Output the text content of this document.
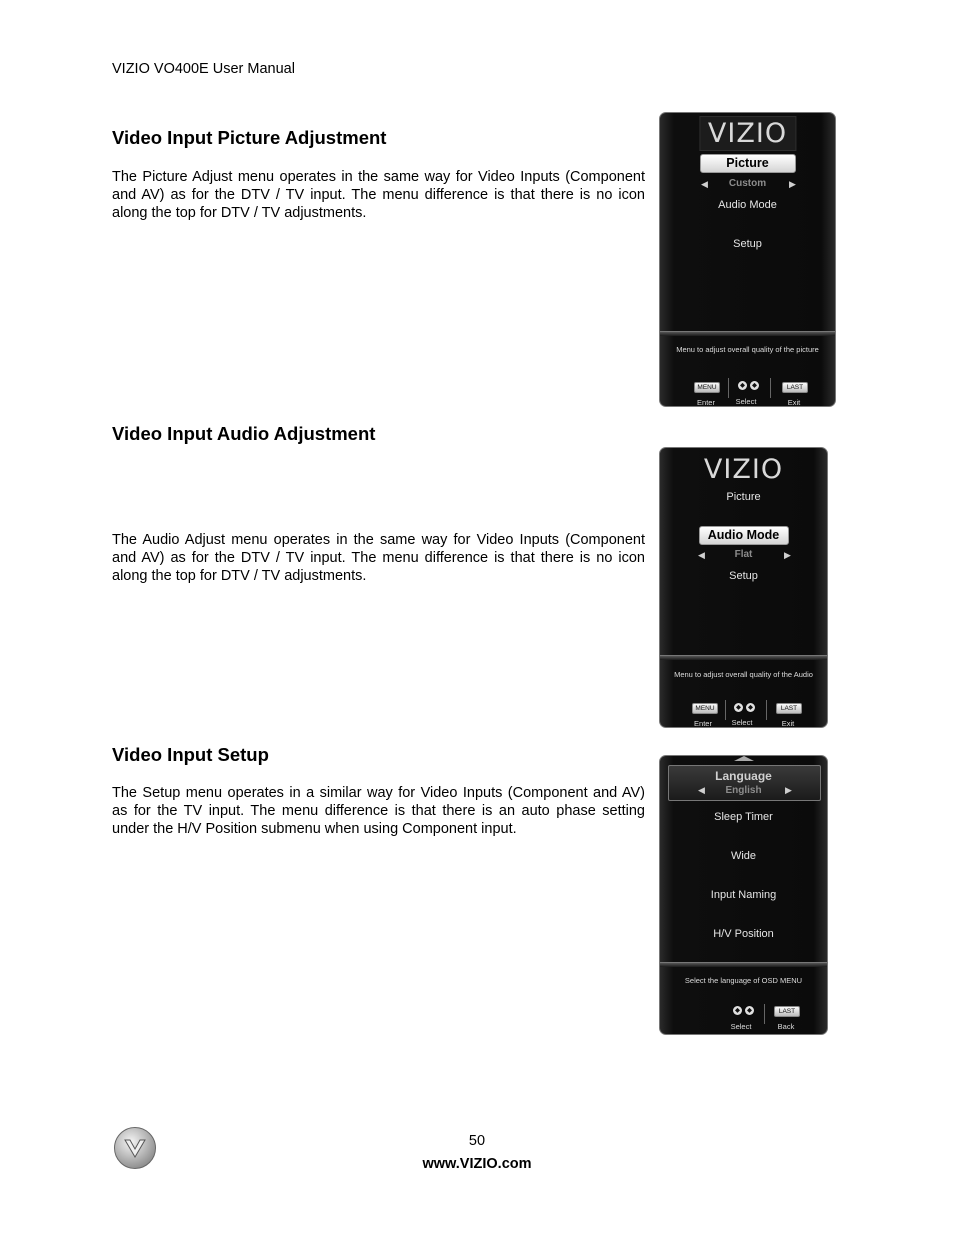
VIZIO VO400E User Manual
Video Input Picture Adjustment

The Picture Adjust menu operates in the same way for Video Inputs (Component and AV) as for the DTV / TV input. The menu difference is that there is no icon along the top for DTV / TV adjustments.

VIZIO
Picture
◀	Custom	▶
Audio Mode
Setup
Menu to adjust overall quality of the picture
MENU
Enter
◆	◆
Select
LAST
Exit
Video Input Audio Adjustment

The Audio Adjust menu operates in the same way for Video Inputs (Component and AV) as for the DTV / TV input. The menu difference is that there is no icon along the top for DTV / TV adjustments.

VIZIO
Picture
Audio Mode
◀	Flat	▶
Setup
Menu to adjust overall quality of the Audio
MENU
Enter
◆	◆
Select
LAST
Exit
Video Input Setup

The Setup menu operates in a similar way for Video Inputs (Component and AV) as for the TV input. The menu difference is that there is an auto phase setting under the H/V Position submenu when using Component input.

Language
◀	English	▶
Sleep Timer
Wide
Input Naming
H/V Position
Select the language of OSD MENU
◆	◆
Select
LAST
Back
50
www.VIZIO.com
